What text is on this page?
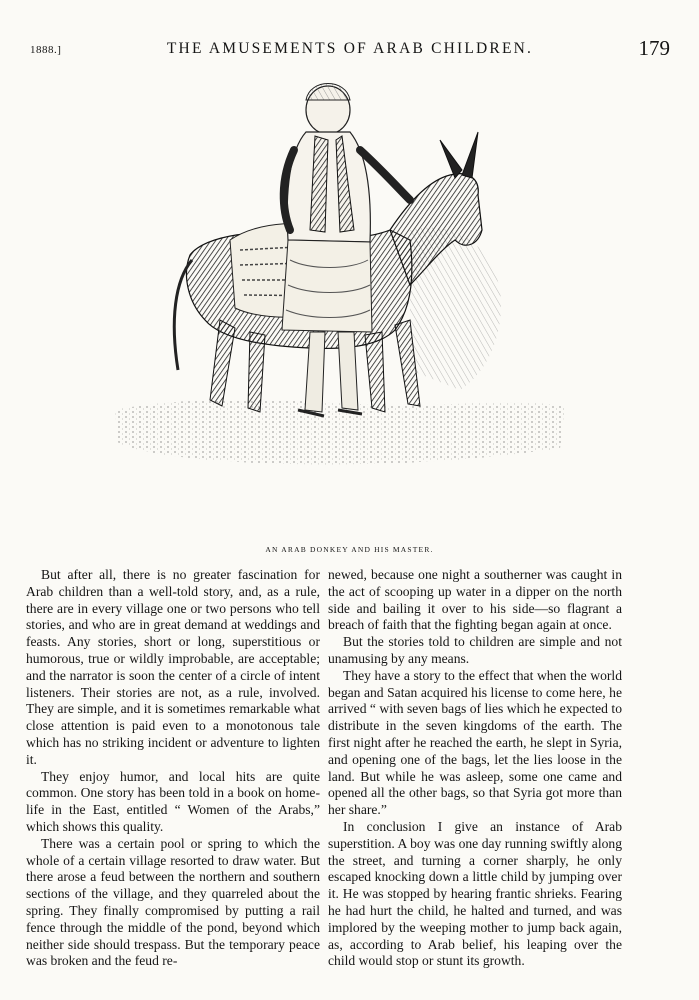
1888.]	THE AMUSEMENTS OF ARAB CHILDREN.	179
AN ARAB DONKEY AND HIS MASTER.

But after all, there is no greater fascination for Arab children than a well-told story, and, as a rule, there are in every village one or two persons who tell stories, and who are in great demand at weddings and feasts. Any stories, short or long, superstitious or humorous, true or wildly improbable, are acceptable; and the narrator is soon the center of a circle of intent listeners. Their stories are not, as a rule, involved. They are simple, and it is sometimes remarkable what close attention is paid even to a monotonous tale which has no striking incident or adventure to lighten it.

They enjoy humor, and local hits are quite common. One story has been told in a book on home-life in the East, entitled “ Women of the Arabs,” which shows this quality.

There was a certain pool or spring to which the whole of a certain village resorted to draw water. But there arose a feud between the northern and southern sections of the village, and they quarreled about the spring. They finally compromised by putting a rail fence through the middle of the pond, beyond which neither side should trespass. But the temporary peace was broken and the feud re-

newed, because one night a southerner was caught in the act of scooping up water in a dipper on the north side and bailing it over to his side—so flagrant a breach of faith that the fighting began again at once.

But the stories told to children are simple and not unamusing by any means.

They have a story to the effect that when the world began and Satan acquired his license to come here, he arrived “ with seven bags of lies which he expected to distribute in the seven kingdoms of the earth. The first night after he reached the earth, he slept in Syria, and opening one of the bags, let the lies loose in the land. But while he was asleep, some one came and opened all the other bags, so that Syria got more than her share.”

In conclusion I give an instance of Arab superstition. A boy was one day running swiftly along the street, and turning a corner sharply, he only escaped knocking down a little child by jumping over it. He was stopped by hearing frantic shrieks. Fearing he had hurt the child, he halted and turned, and was implored by the weeping mother to jump back again, as, according to Arab belief, his leaping over the child would stop or stunt its growth.
